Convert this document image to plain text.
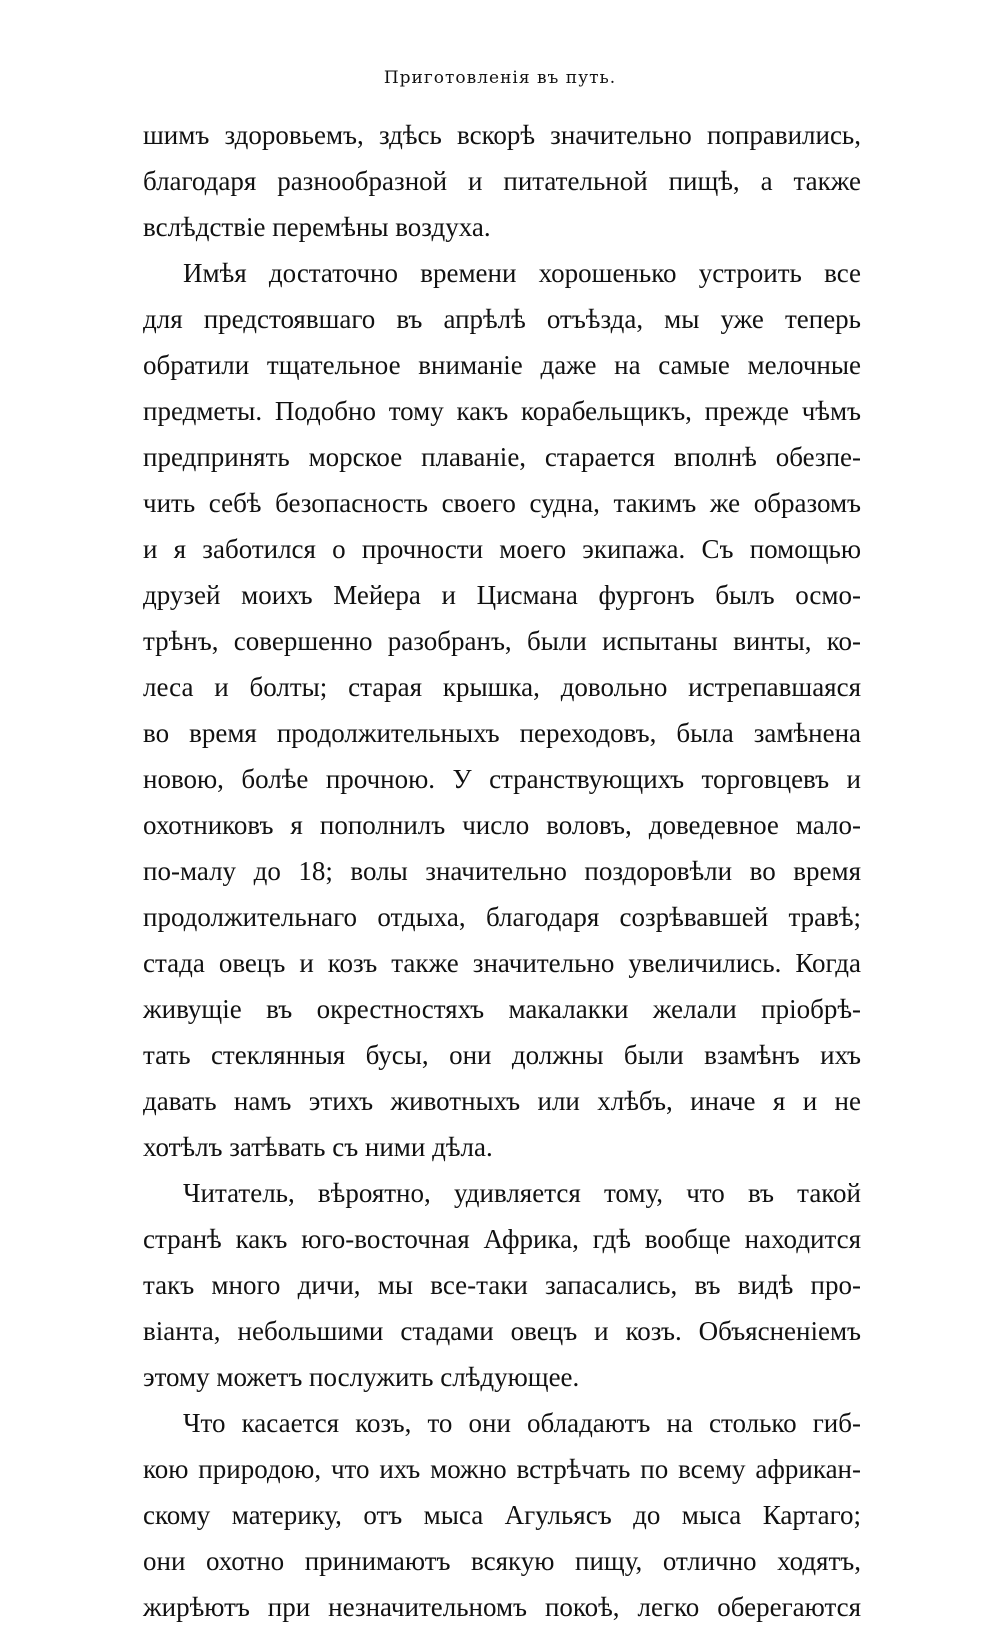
Приготовленія въ путь.
шимъ здоровьемъ, здѣсь вскорѣ значительно поправились,
благодаря разнообразной и питательной пищѣ, а также
вслѣдствіе перемѣны воздуха.
Имѣя достаточно времени хорошенько устроить все
для предстоявшаго въ апрѣлѣ отъѣзда, мы уже теперь
обратили тщательное вниманіе даже на самые мелочные
предметы. Подобно тому какъ корабельщикъ, прежде чѣмъ
предпринять морское плаваніе, старается вполнѣ обезпе-
чить себѣ безопасность своего судна, такимъ же образомъ
и я заботился о прочности моего экипажа. Съ помощью
друзей моихъ Мейера и Цисмана фургонъ былъ осмо-
трѣнъ, совершенно разобранъ, были испытаны винты, ко-
леса и болты; старая крышка, довольно истрепавшаяся
во время продолжительныхъ переходовъ, была замѣнена
новою, болѣе прочною. У странствующихъ торговцевъ и
охотниковъ я пополнилъ число воловъ, доведевное мало-
по-малу до 18; волы значительно поздоровѣли во время
продолжительнаго отдыха, благодаря созрѣвавшей травѣ;
стада овецъ и козъ также значительно увеличились. Когда
живущіе въ окрестностяхъ макалакки желали пріобрѣ-
тать стеклянныя бусы, они должны были взамѣнъ ихъ
давать намъ этихъ животныхъ или хлѣбъ, иначе я и не
хотѣлъ затѣвать съ ними дѣла.
Читатель, вѣроятно, удивляется тому, что въ такой
странѣ какъ юго-восточная Африка, гдѣ вообще находится
такъ много дичи, мы все-таки запасались, въ видѣ про-
віанта, небольшими стадами овецъ и козъ. Объясненіемъ
этому можетъ послужить слѣдующее.
Что касается козъ, то они обладаютъ на столько гиб-
кою природою, что ихъ можно встрѣчать по всему африкан-
скому материку, отъ мыса Агульясъ до мыса Картаго;
они охотно принимаютъ всякую пищу, отлично ходятъ,
жирѣютъ при незначительномъ покоѣ, легко оберегаются
